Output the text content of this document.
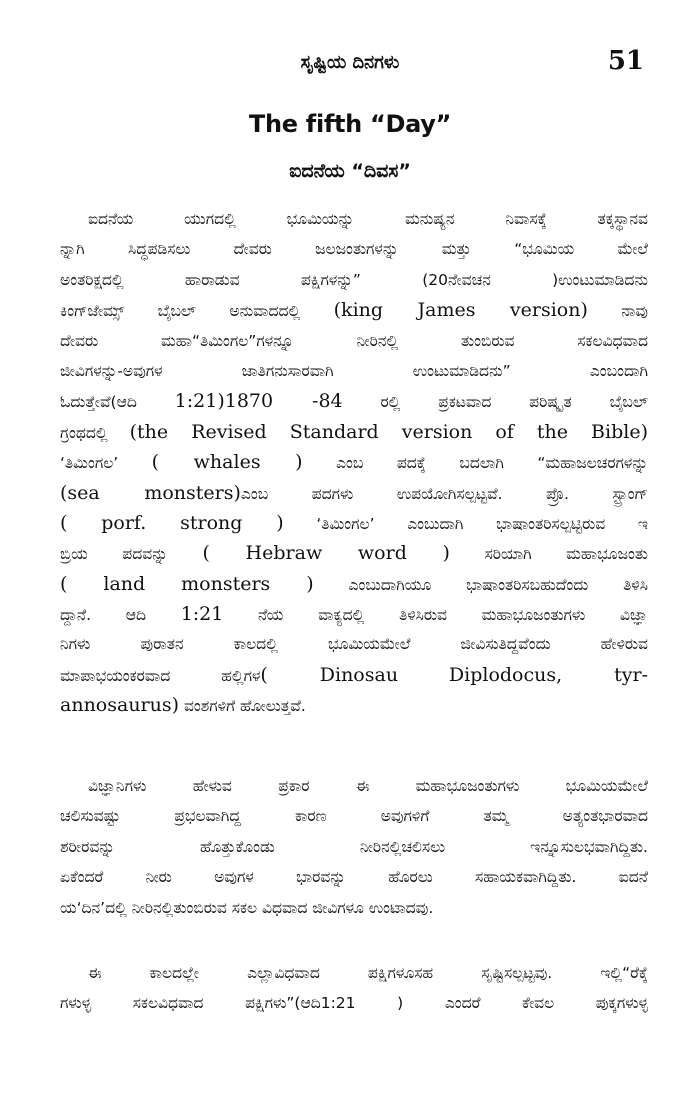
ಸೃಷ್ಟಿಯ ದಿನಗಳು	51
The fifth “Day”
ಐದನೆಯ “ದಿವಸ”
ಐದನೆಯ ಯುಗದಲ್ಲಿ ಭೂಮಿಯನ್ನು ಮನುಷ್ಯನ ನಿವಾಸಕ್ಕೆ ತಕ್ಕಸ್ಥಾನವ
ನ್ನಾಗಿ ಸಿದ್ಧಪಡಿಸಲು ದೇವರು ಜಲಜಂತುಗಳನ್ನು ಮತ್ತು “ಭೂಮಿಯ ಮೇಲೆ
ಅಂತರಿಕ್ಷದಲ್ಲಿ ಹಾರಾಡುವ ಪಕ್ಷಿಗಳನ್ನು” (20ನೇವಚನ )ಉಂಟುಮಾಡಿದನು
ಕಿಂಗ್‌ಜೇಮ್ಸ್ ಬೈಬಲ್ ಅನುವಾದದಲ್ಲಿ (king James version) ನಾವು
ದೇವರು ಮಹಾ“ತಿಮಿಂಗಲ”ಗಳನ್ನೂ ನೀರಿನಲ್ಲಿ ತುಂಬಿರುವ ಸಕಲವಿಧವಾದ
ಜೀವಿಗಳನ್ನು-ಅವುಗಳ ಜಾತಿಗನುಸಾರವಾಗಿ ಉಂಟುಮಾಡಿದನು” ಎಂಬಂದಾಗಿ
ಓದುತ್ತೇವೆ(ಆದಿ 1:21)1870 -84 ರಲ್ಲಿ ಪ್ರಕಟವಾದ ಪರಿಷ್ಕೃತ ಬೈಬಲ್
ಗ್ರಂಥದಲ್ಲಿ (the Revised Standard version of the Bible)
‘ತಿಮಿಂಗಲ’ ( whales ) ಎಂಬ ಪದಕ್ಕೆ ಬದಲಾಗಿ “ಮಹಾಜಲಚರಗಳನ್ನು
(sea monsters)ಎಂಬ ಪದಗಳು ಉಪಯೋಗಿಸಲ್ಪಟ್ಟವೆ. ಪ್ರೊ. ಸ್ಟ್ರಾಂಗ್
( porf. strong ) ‘ತಿಮಿಂಗಲ’ ಎಂಬುದಾಗಿ ಭಾಷಾಂತರಿಸಲ್ಪಟ್ಟಿರುವ ಇ
ಬ್ರಿಯ ಪದವನ್ನು ( Hebraw word ) ಸರಿಯಾಗಿ ಮಹಾಭೂಜಂತು
( land monsters ) ಎಂಬುದಾಗಿಯೂ ಭಾಷಾಂತರಿಸಬಹುದೆಂದು ತಿಳಿಸಿ
ದ್ದಾನೆ. ಆದಿ 1:21 ನೆಯ ವಾಕ್ಯದಲ್ಲಿ ತಿಳಿಸಿರುವ ಮಹಾಭೂಜಂತುಗಳು ವಿಜ್ಞಾ
ನಿಗಳು ಪುರಾತನ ಕಾಲದಲ್ಲಿ ಭೂಮಿಯಮೇಲೆ ಜೀವಿಸುತಿದ್ದವೆಂದು ಹೇಳಿರುವ
ಮಾಪಾಭಯಂಕರವಾದ ಹಲ್ಲಿಗಳ( Dinosau	Diplodocus, tyr-
annosaurus) ವಂಶಗಳಿಗೆ ಹೋಲುತ್ತವೆ.
ವಿಜ್ಞಾನಿಗಳು ಹೇಳುವ ಪ್ರಕಾರ ಈ ಮಹಾಭೂಜಂತುಗಳು ಭೂಮಿಯಮೇಲೆ
ಚಲಿಸುವಷ್ಟು ಪ್ರಭಲವಾಗಿದ್ದ ಕಾರಣ ಅವುಗಳಿಗೆ ತಮ್ಮ ಅತ್ಯಂತಭಾರವಾದ
ಶರೀರವನ್ನು ಹೊತ್ತುಕೊಂಡು ನೀರಿನಲ್ಲಿಚಲಿಸಲು ಇನ್ನೂಸುಲಭವಾಗಿದ್ದಿತು.
ಏಕೆಂದರೆ ನೀರು ಅವುಗಳ ಭಾರವನ್ನು ಹೊರಲು ಸಹಾಯಕವಾಗಿದ್ದಿತು. ಐದನೆ
ಯ‘ದಿನ’ದಲ್ಲಿ ನೀರಿನಲ್ಲಿತುಂಬಿರುವ ಸಕಲ ವಿಧವಾದ ಜೀವಿಗಳೂ ಉಂಟಾದವು.
ಈ ಕಾಲದಲ್ಲೇ ಎಲ್ಲಾವಿಧವಾದ ಪಕ್ಷಿಗಳೂಸಹ ಸೃಷ್ಟಿಸಲ್ಪಟ್ಟವು. ಇಲ್ಲಿ“ರೆಕ್ಕೆ
ಗಳುಳ್ಳ ಸಕಲವಿಧವಾದ ಪಕ್ಷಿಗಳು”(ಆದಿ1:21 ) ಎಂದರೆ ಕೇವಲ ಪುಕ್ಕಗಳುಳ್ಳ
